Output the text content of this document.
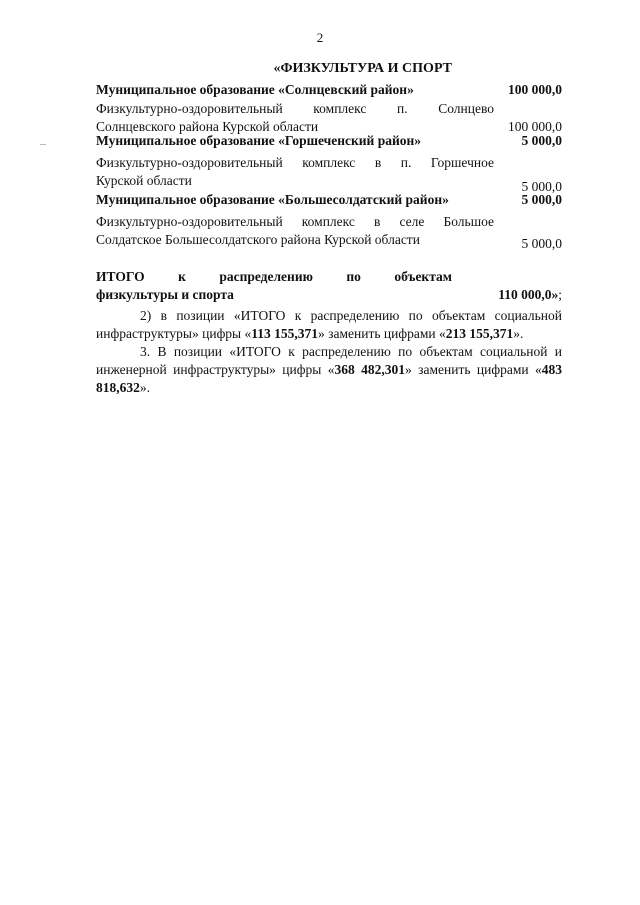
2
«ФИЗКУЛЬТУРА И СПОРТ
Муниципальное образование «Солнцевский район»	100 000,0
Физкультурно-оздоровительный комплекс п. Солнцево
Солнцевского района Курской области	100 000,0
Муниципальное образование «Горшеченский район»	5 000,0
Физкультурно-оздоровительный комплекс в п. Горшечное
Курской области	5 000,0
Муниципальное образование «Большесолдатский район»	5 000,0
Физкультурно-оздоровительный комплекс в селе Большое
Солдатское Большесолдатского района Курской области	5 000,0
ИТОГО к распределению по объектам
физкультуры и спорта	110 000,0»;
2) в позиции «ИТОГО к распределению по объектам социальной инфраструктуры» цифры «113 155,371» заменить цифрами «213 155,371».
3. В позиции «ИТОГО к распределению по объектам социальной и инженерной инфраструктуры» цифры «368 482,301» заменить цифрами «483 818,632».
